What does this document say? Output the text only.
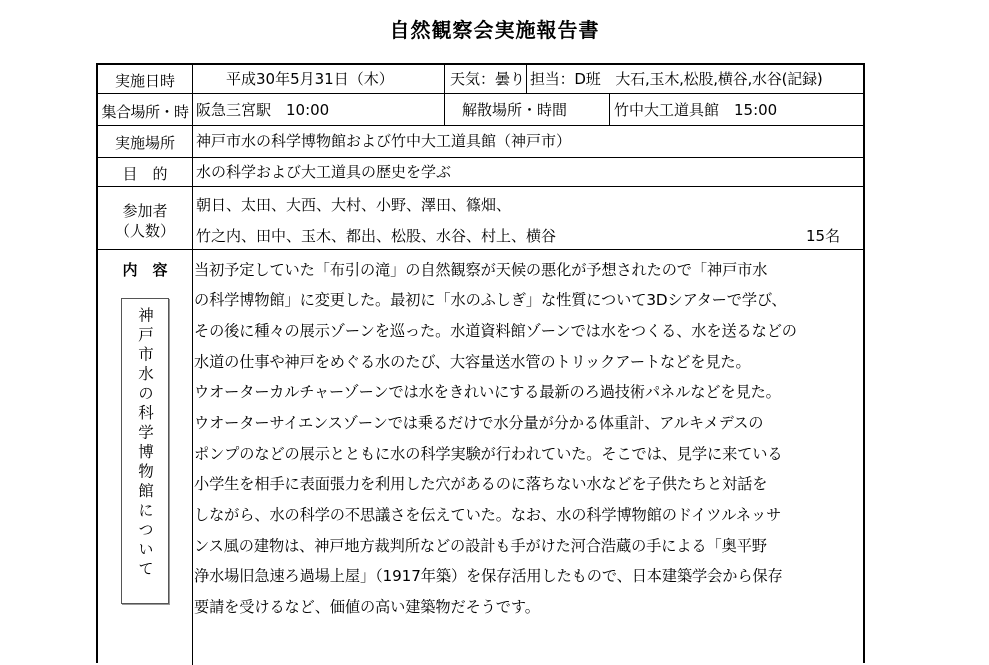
自然観察会実施報告書
実施日時	平成30年5月31日（木）	天気：曇り 担当：D班　大石,玉木,松股,横谷,水谷(記録)
集合場所・時 阪急三宮駅　10:00	解散場所・時間	竹中大工道具館　15:00
実施場所	神戸市水の科学博物館および竹中大工道具館（神戸市）
目　的	水の科学および大工道具の歴史を学ぶ
参加者
（人数）
朝日、太田、大西、大村、小野、澤田、篠畑、
竹之内、田中、玉木、都出、松股、水谷、村上、横谷	15名
内　容
神戸市水の科学博物館について
当初予定していた「布引の滝」の自然観察が天候の悪化が予想されたので「神戸市水
の科学博物館」に変更した。最初に「水のふしぎ」な性質について3Dシアターで学び、
その後に種々の展示ゾーンを巡った。水道資料館ゾーンでは水をつくる、水を送るなどの
水道の仕事や神戸をめぐる水のたび、大容量送水管のトリックアートなどを見た。
ウオーターカルチャーゾーンでは水をきれいにする最新のろ過技術パネルなどを見た。
ウオーターサイエンスゾーンでは乗るだけで水分量が分かる体重計、アルキメデスの
ポンプのなどの展示とともに水の科学実験が行われていた。そこでは、見学に来ている
小学生を相手に表面張力を利用した穴があるのに落ちない水などを子供たちと対話を
しながら、水の科学の不思議さを伝えていた。なお、水の科学博物館のドイツルネッサ
ンス風の建物は、神戸地方裁判所などの設計も手がけた河合浩蔵の手による「奥平野
浄水場旧急速ろ過場上屋」（1917年築）を保存活用したもので、日本建築学会から保存
要請を受けるなど、価値の高い建築物だそうです。
